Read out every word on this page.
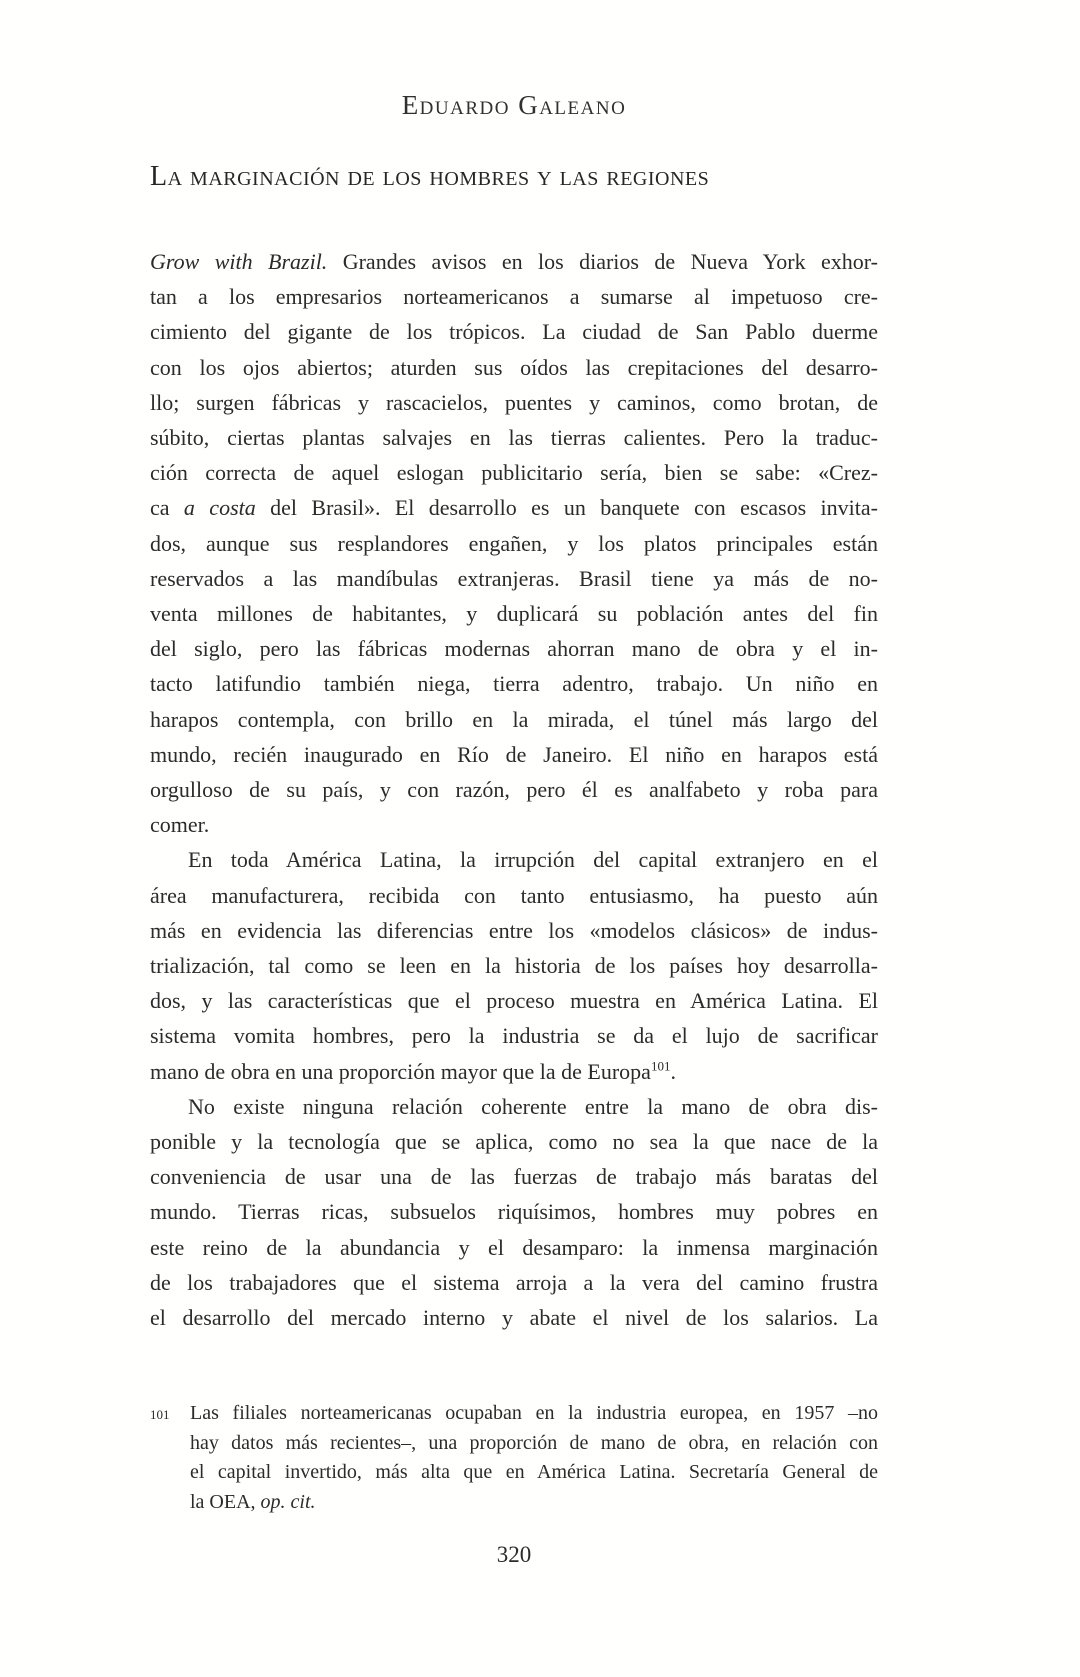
Eduardo Galeano
La marginación de los hombres y las regiones
Grow with Brazil. Grandes avisos en los diarios de Nueva York exhor-
tan a los empresarios norteamericanos a sumarse al impetuoso cre-
cimiento del gigante de los trópicos. La ciudad de San Pablo duerme
con los ojos abiertos; aturden sus oídos las crepitaciones del desarro-
llo; surgen fábricas y rascacielos, puentes y caminos, como brotan, de
súbito, ciertas plantas salvajes en las tierras calientes. Pero la traduc-
ción correcta de aquel eslogan publicitario sería, bien se sabe: «Crez-
ca a costa del Brasil». El desarrollo es un banquete con escasos invita-
dos, aunque sus resplandores engañen, y los platos principales están
reservados a las mandíbulas extranjeras. Brasil tiene ya más de no-
venta millones de habitantes, y duplicará su población antes del fin
del siglo, pero las fábricas modernas ahorran mano de obra y el in-
tacto latifundio también niega, tierra adentro, trabajo. Un niño en
harapos contempla, con brillo en la mirada, el túnel más largo del
mundo, recién inaugurado en Río de Janeiro. El niño en harapos está
orgulloso de su país, y con razón, pero él es analfabeto y roba para
comer.
En toda América Latina, la irrupción del capital extranjero en el
área manufacturera, recibida con tanto entusiasmo, ha puesto aún
más en evidencia las diferencias entre los «modelos clásicos» de indus-
trialización, tal como se leen en la historia de los países hoy desarrolla-
dos, y las características que el proceso muestra en América Latina. El
sistema vomita hombres, pero la industria se da el lujo de sacrificar
mano de obra en una proporción mayor que la de Europa$^{101}$.
No existe ninguna relación coherente entre la mano de obra dis-
ponible y la tecnología que se aplica, como no sea la que nace de la
conveniencia de usar una de las fuerzas de trabajo más baratas del
mundo. Tierras ricas, subsuelos riquísimos, hombres muy pobres en
este reino de la abundancia y el desamparo: la inmensa marginación
de los trabajadores que el sistema arroja a la vera del camino frustra
el desarrollo del mercado interno y abate el nivel de los salarios. La
101	Las filiales norteamericanas ocupaban en la industria europea, en 1957 –no
hay datos más recientes–, una proporción de mano de obra, en relación con
el capital invertido, más alta que en América Latina. Secretaría General de
la OEA, op. cit.
320
